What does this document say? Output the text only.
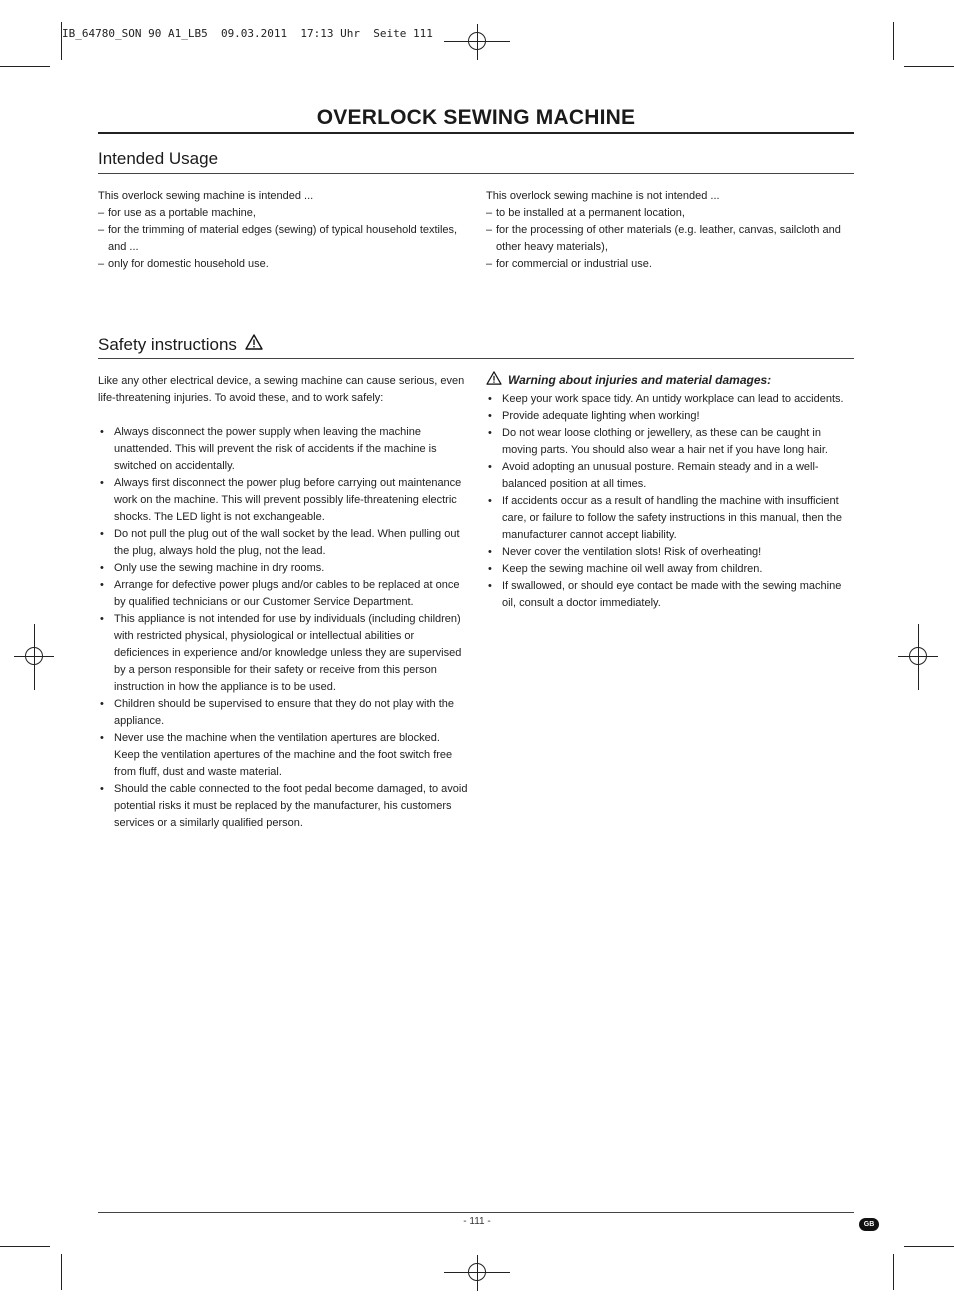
IB_64780_SON 90 A1_LB5  09.03.2011  17:13 Uhr  Seite 111
OVERLOCK SEWING MACHINE
Intended Usage

This overlock sewing machine is intended ...

– for use as a portable machine,
– for the trimming of material edges (sewing) of typical household textiles, and ...
– only for domestic household use.

This overlock sewing machine is not intended ...

– to be installed at a permanent location,
– for the processing of other materials (e.g. leather, canvas, sailcloth and other heavy materials),
– for commercial or industrial use.
Safety instructions

Like any other electrical device, a sewing machine can cause serious, even life-threatening injuries. To avoid these, and to work safely:

• Always disconnect the power supply when leaving the machine unattended. This will prevent the risk of accidents if the machine is switched on accidentally.
• Always first disconnect the power plug before carrying out maintenance work on the machine. This will prevent possibly life-threatening electric shocks. The LED light is not exchangeable.
• Do not pull the plug out of the wall socket by the lead. When pulling out the plug, always hold the plug, not the lead.
• Only use the sewing machine in dry rooms.
• Arrange for defective power plugs and/or cables to be replaced at once by qualified technicians or our Customer Service Department.
• This appliance is not intended for use by individuals (including children) with restricted physical, physiological or intellectual abilities or deficiences in experience and/or knowledge unless they are supervised by a person responsible for their safety or receive from this person instruction in how the appliance is to be used.
• Children should be supervised to ensure that they do not play with the appliance.
• Never use the machine when the ventilation apertures are blocked. Keep the ventilation apertures of the machine and the foot switch free from fluff, dust and waste material.
• Should the cable connected to the foot pedal become damaged, to avoid potential risks it must be replaced by the manufacturer, his customers services or a similarly qualified person.
Warning about injuries and material damages:
• Keep your work space tidy. An untidy workplace can lead to accidents.
• Provide adequate lighting when working!
• Do not wear loose clothing or jewellery, as these can be caught in moving parts. You should also wear a hair net if you have long hair.
• Avoid adopting an unusual posture. Remain steady and in a well-balanced position at all times.
• If accidents occur as a result of handling the machine with insufficient care, or failure to follow the safety instructions in this manual, then the manufacturer cannot accept liability.
• Never cover the ventilation slots! Risk of overheating!
• Keep the sewing machine oil well away from children.
• If swallowed, or should eye contact be made with the sewing machine oil, consult a doctor immediately.
- 111 -	GB
